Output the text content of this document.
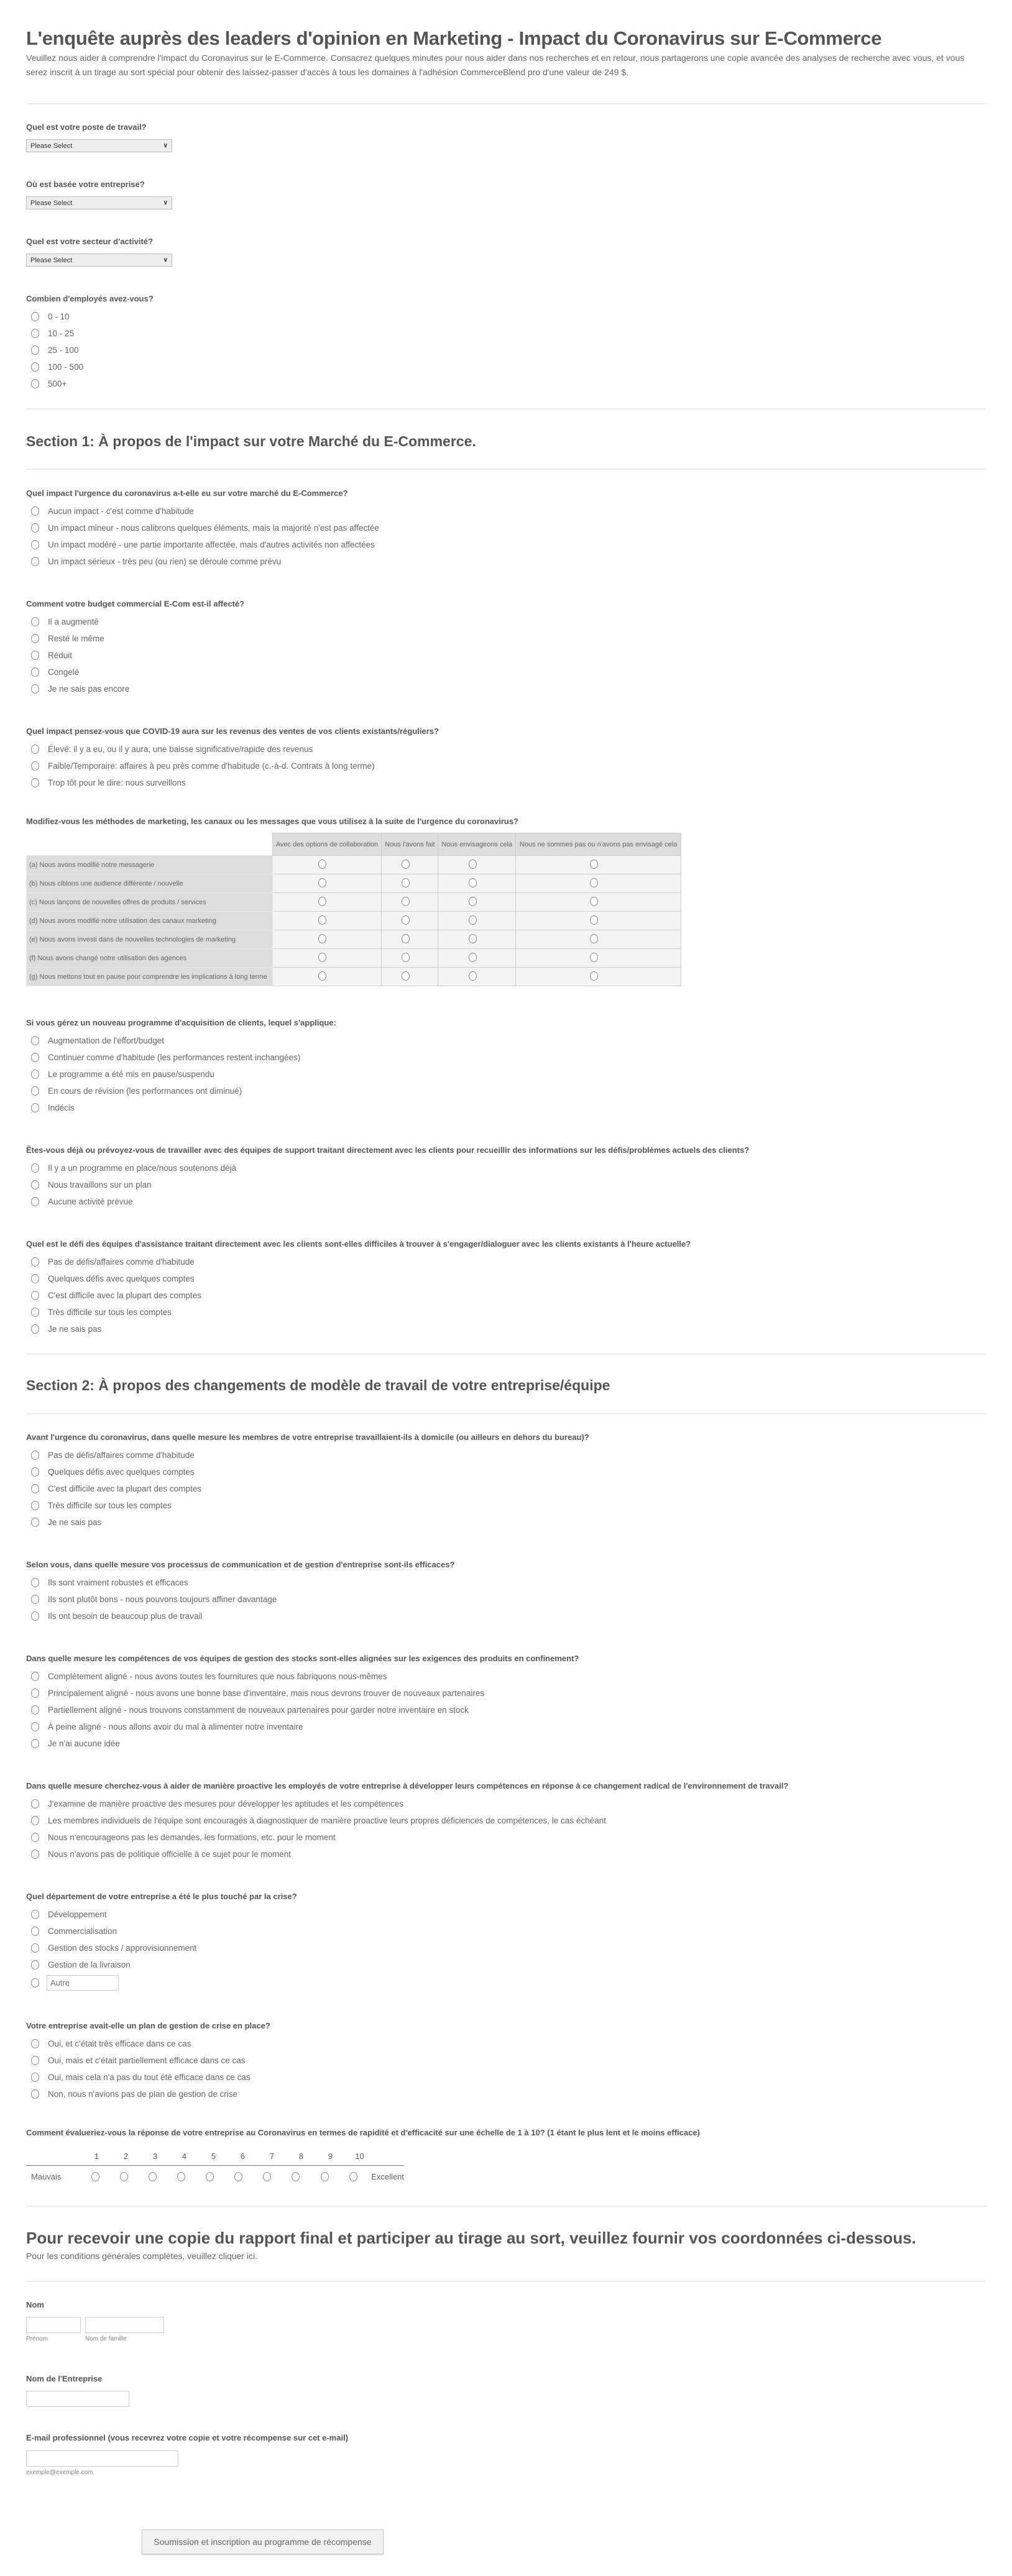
L'enquête auprès des leaders d'opinion en Marketing - Impact du Coronavirus sur E-Commerce

Veuillez nous aider à comprendre l'impact du Coronavirus sur le E-Commerce. Consacrez quelques minutes pour nous aider dans nos recherches et en retour, nous partagerons une copie avancée des analyses de recherche avec vous, et vous serez inscrit à un tirage au sort spécial pour obtenir des laissez-passer d'accès à tous les domaines à l'adhésion CommerceBlend pro d'une valeur de 249 $.

Quel est votre poste de travail?
Please Select	∨
Où est basée votre entreprise?
Please Select	∨
Quel est votre secteur d'activité?
Please Select	∨
Combien d'employés avez-vous?
0 - 10
10 - 25
25 - 100
100 - 500
500+
Section 1: À propos de l'impact sur votre Marché du E-Commerce.
Quel impact l'urgence du coronavirus a-t-elle eu sur votre marché du E-Commerce?
Aucun impact - c'est comme d'habitude
Un impact mineur - nous calibrons quelques éléments, mais la majorité n'est pas affectée
Un impact modéré - une partie importante affectée, mais d'autres activités non affectées
Un impact sérieux - très peu (ou rien) se déroule comme prévu
Comment votre budget commercial E-Com est-il affecté?
Il a augmenté
Resté le même
Réduit
Congelé
Je ne sais pas encore
Quel impact pensez-vous que COVID-19 aura sur les revenus des ventes de vos clients existants/réguliers?
Élevé: il y a eu, ou il y aura, une baisse significative/rapide des revenus
Faible/Temporaire: affaires à peu près comme d'habitude (c.-à-d. Contrats à long terme)
Trop tôt pour le dire: nous surveillons
Modifiez-vous les méthodes de marketing, les canaux ou les messages que vous utilisez à la suite de l'urgence du coronavirus?
	Avec des options de collaboration	Nous l'avons fait	Nous envisageons cela	Nous ne sommes pas ou n'avons pas envisagé cela
(a) Nous avons modifié notre messagerie				
(b) Nous ciblons une audience différente / nouvelle				
(c) Nous lançons de nouvelles offres de produits / services				
(d) Nous avons modifié notre utilisation des canaux marketing				
(e) Nous avons investi dans de nouvelles technologies de marketing				
(f) Nous avons changé notre utilisation des agences				
(g) Nous mettons tout en pause pour comprendre les implications à long terme				
Si vous gérez un nouveau programme d'acquisition de clients, lequel s'applique:
Augmentation de l'effort/budget
Continuer comme d'habitude (les performances restent inchangées)
Le programme a été mis en pause/suspendu
En cours de révision (les performances ont diminué)
Indécis
Êtes-vous déjà ou prévoyez-vous de travailler avec des équipes de support traitant directement avec les clients pour recueillir des informations sur les défis/problèmes actuels des clients?
Il y a un programme en place/nous soutenons déjà
Nous travaillons sur un plan
Aucune activité prévue
Quel est le défi des équipes d'assistance traitant directement avec les clients sont-elles difficiles à trouver à s'engager/dialoguer avec les clients existants à l'heure actuelle?
Pas de défis/affaires comme d'habitude
Quelques défis avec quelques comptes
C'est difficile avec la plupart des comptes
Très difficile sur tous les comptes
Je ne sais pas
Section 2: À propos des changements de modèle de travail de votre entreprise/équipe
Avant l'urgence du coronavirus, dans quelle mesure les membres de votre entreprise travaillaient-ils à domicile (ou ailleurs en dehors du bureau)?
Pas de défis/affaires comme d'habitude
Quelques défis avec quelques comptes
C'est difficile avec la plupart des comptes
Très difficile sur tous les comptes
Je ne sais pas
Selon vous, dans quelle mesure vos processus de communication et de gestion d'entreprise sont-ils efficaces?
Ils sont vraiment robustes et efficaces
Ils sont plutôt bons - nous pouvons toujours affiner davantage
Ils ont besoin de beaucoup plus de travail
Dans quelle mesure les compétences de vos équipes de gestion des stocks sont-elles alignées sur les exigences des produits en confinement?
Complètement aligné - nous avons toutes les fournitures que nous fabriquons nous-mêmes
Principalement aligné - nous avons une bonne base d'inventaire, mais nous devrons trouver de nouveaux partenaires
Partiellement aligné - nous trouvons constamment de nouveaux partenaires pour garder notre inventaire en stock
À peine aligné - nous allons avoir du mal à alimenter notre inventaire
Je n'ai aucune idée
Dans quelle mesure cherchez-vous à aider de manière proactive les employés de votre entreprise à développer leurs compétences en réponse à ce changement radical de l'environnement de travail?
J'examine de manière proactive des mesures pour développer les aptitudes et les compétences
Les membres individuels de l'équipe sont encouragés à diagnostiquer de manière proactive leurs propres déficiences de compétences, le cas échéant
Nous n'encourageons pas les demandes, les formations, etc. pour le moment
Nous n'avons pas de politique officielle à ce sujet pour le moment
Quel département de votre entreprise a été le plus touché par la crise?
Développement
Commercialisation
Gestion des stocks / approvisionnement
Gestion de la livraison
Autre
Votre entreprise avait-elle un plan de gestion de crise en place?
Oui, et c'était très efficace dans ce cas
Oui, mais et c'était partiellement efficace dans ce cas
Oui, mais cela n'a pas du tout été efficace dans ce cas
Non, nous n'avions pas de plan de gestion de crise
Comment évalueriez-vous la réponse de votre entreprise au Coronavirus en termes de rapidité et d'efficacité sur une échelle de 1 à 10? (1 étant le plus lent et le moins efficace)
1	2	3	4	5	6	7	8	9	10
Mauvais	Excellent
Pour recevoir une copie du rapport final et participer au tirage au sort, veuillez fournir vos coordonnées ci-dessous.

Pour les conditions générales complètes, veuillez cliquer ici.

Nom
Prénom	Nom de famille
Nom de l'Entreprise
E-mail professionnel (vous recevrez votre copie et votre récompense sur cet e-mail)
exemple@exemple.com
Soumission et inscription au programme de récompense
